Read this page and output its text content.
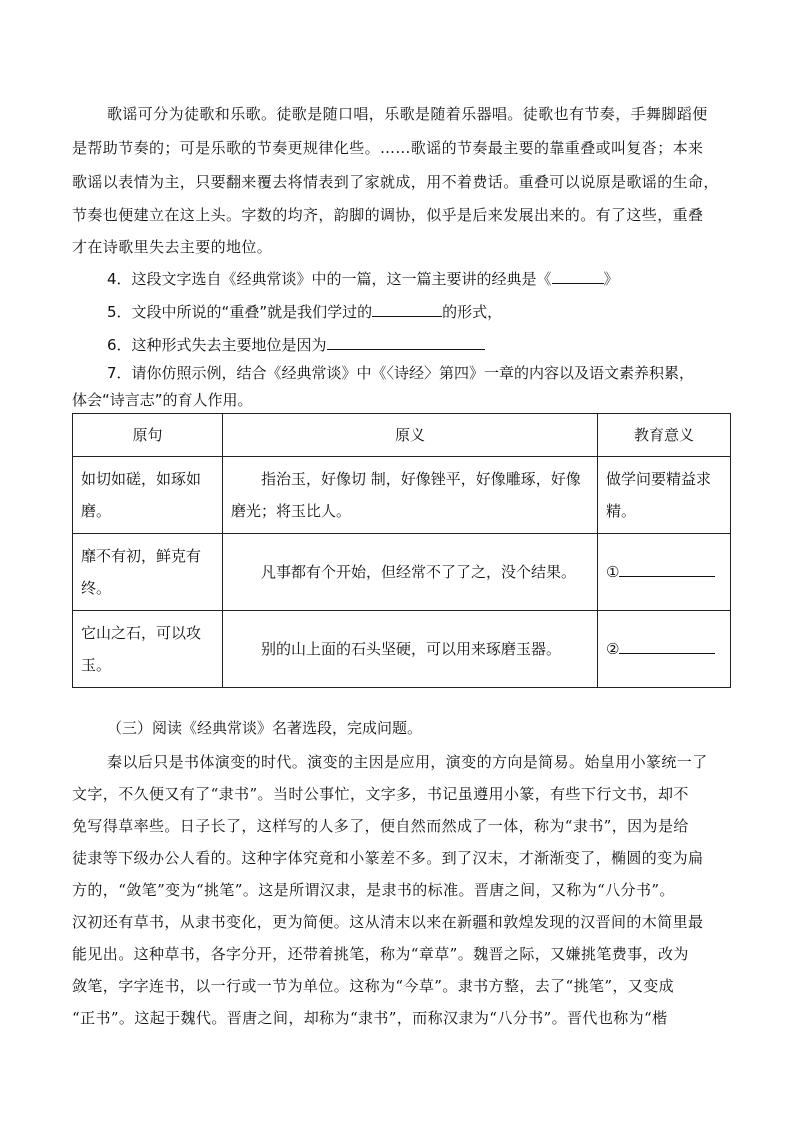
歌谣可分为徒歌和乐歌。徒歌是随口唱，乐歌是随着乐器唱。徒歌也有节奏，手舞脚蹈便
是帮助节奏的；可是乐歌的节奏更规律化些。……歌谣的节奏最主要的靠重叠或叫复沓；本来
歌谣以表情为主，只要翻来覆去将情表到了家就成，用不着费话。重叠可以说原是歌谣的生命，
节奏也便建立在这上头。字数的均齐，韵脚的调协，似乎是后来发展出来的。有了这些，重叠
才在诗歌里失去主要的地位。
4．这段文字选自《经典常谈》中的一篇，这一篇主要讲的经典是《	》
5．文段中所说的“重叠”就是我们学过的	的形式，
6．这种形式失去主要地位是因为
7．请你仿照示例，结合《经典常谈》中《〈诗经〉第四》一章的内容以及语文素养积累，
体会“诗言志”的育人作用。
原句	原义	教育意义
如切如磋，如琢如磨。	指治玉，好像切 制，好像锉平，好像雕琢，好像磨光；将玉比人。	做学问要精益求精。
靡不有初，鲜克有终。	凡事都有个开始，但经常不了了之，没个结果。	①
它山之石，可以攻玉。	别的山上面的石头坚硬，可以用来琢磨玉器。	②
（三）阅读《经典常谈》名著选段，完成问题。
秦以后只是书体演变的时代。演变的主因是应用，演变的方向是简易。始皇用小篆统一了
文字，不久便又有了“隶书”。当时公事忙，文字多，书记虽遵用小篆，有些下行文书，却不
免写得草率些。日子长了，这样写的人多了，便自然而然成了一体，称为“隶书”，因为是给
徒隶等下级办公人看的。这种字体究竟和小篆差不多。到了汉末，才渐渐变了，椭圆的变为扁
方的，“敛笔”变为“挑笔”。这是所谓汉隶，是隶书的标准。晋唐之间，又称为“八分书”。
汉初还有草书，从隶书变化，更为简便。这从清末以来在新疆和敦煌发现的汉晋间的木简里最
能见出。这种草书，各字分开，还带着挑笔，称为“章草”。魏晋之际，又嫌挑笔费事，改为
敛笔，字字连书，以一行或一节为单位。这称为“今草”。隶书方整，去了“挑笔”，又变成
“正书”。这起于魏代。晋唐之间，却称为“隶书”，而称汉隶为“八分书”。晋代也称为“楷
